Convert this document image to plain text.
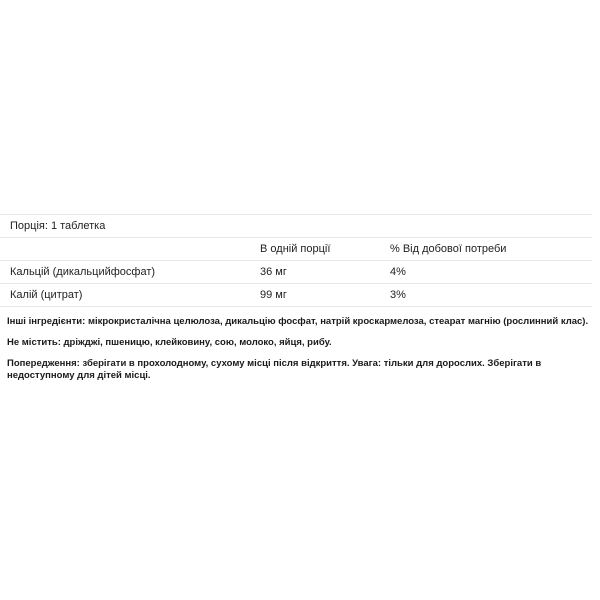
Порція: 1 таблетка		
	В одній порції	% Від добової потреби
Кальцій (дикальцийфосфат)	36 мг	4%
Калій (цитрат)	99 мг	3%

Інші інгредієнти: мікрокристалічна целюлоза, дикальцію фосфат, натрій кроскармелоза, стеарат магнію (рослинний клас).

Не містить: дріжджі, пшеницю, клейковину, сою, молоко, яйця, рибу.

Попередження: зберігати в прохолодному, сухому місці після відкриття. Увага: тільки для дорослих. Зберігати в недоступному для дітей місці.
